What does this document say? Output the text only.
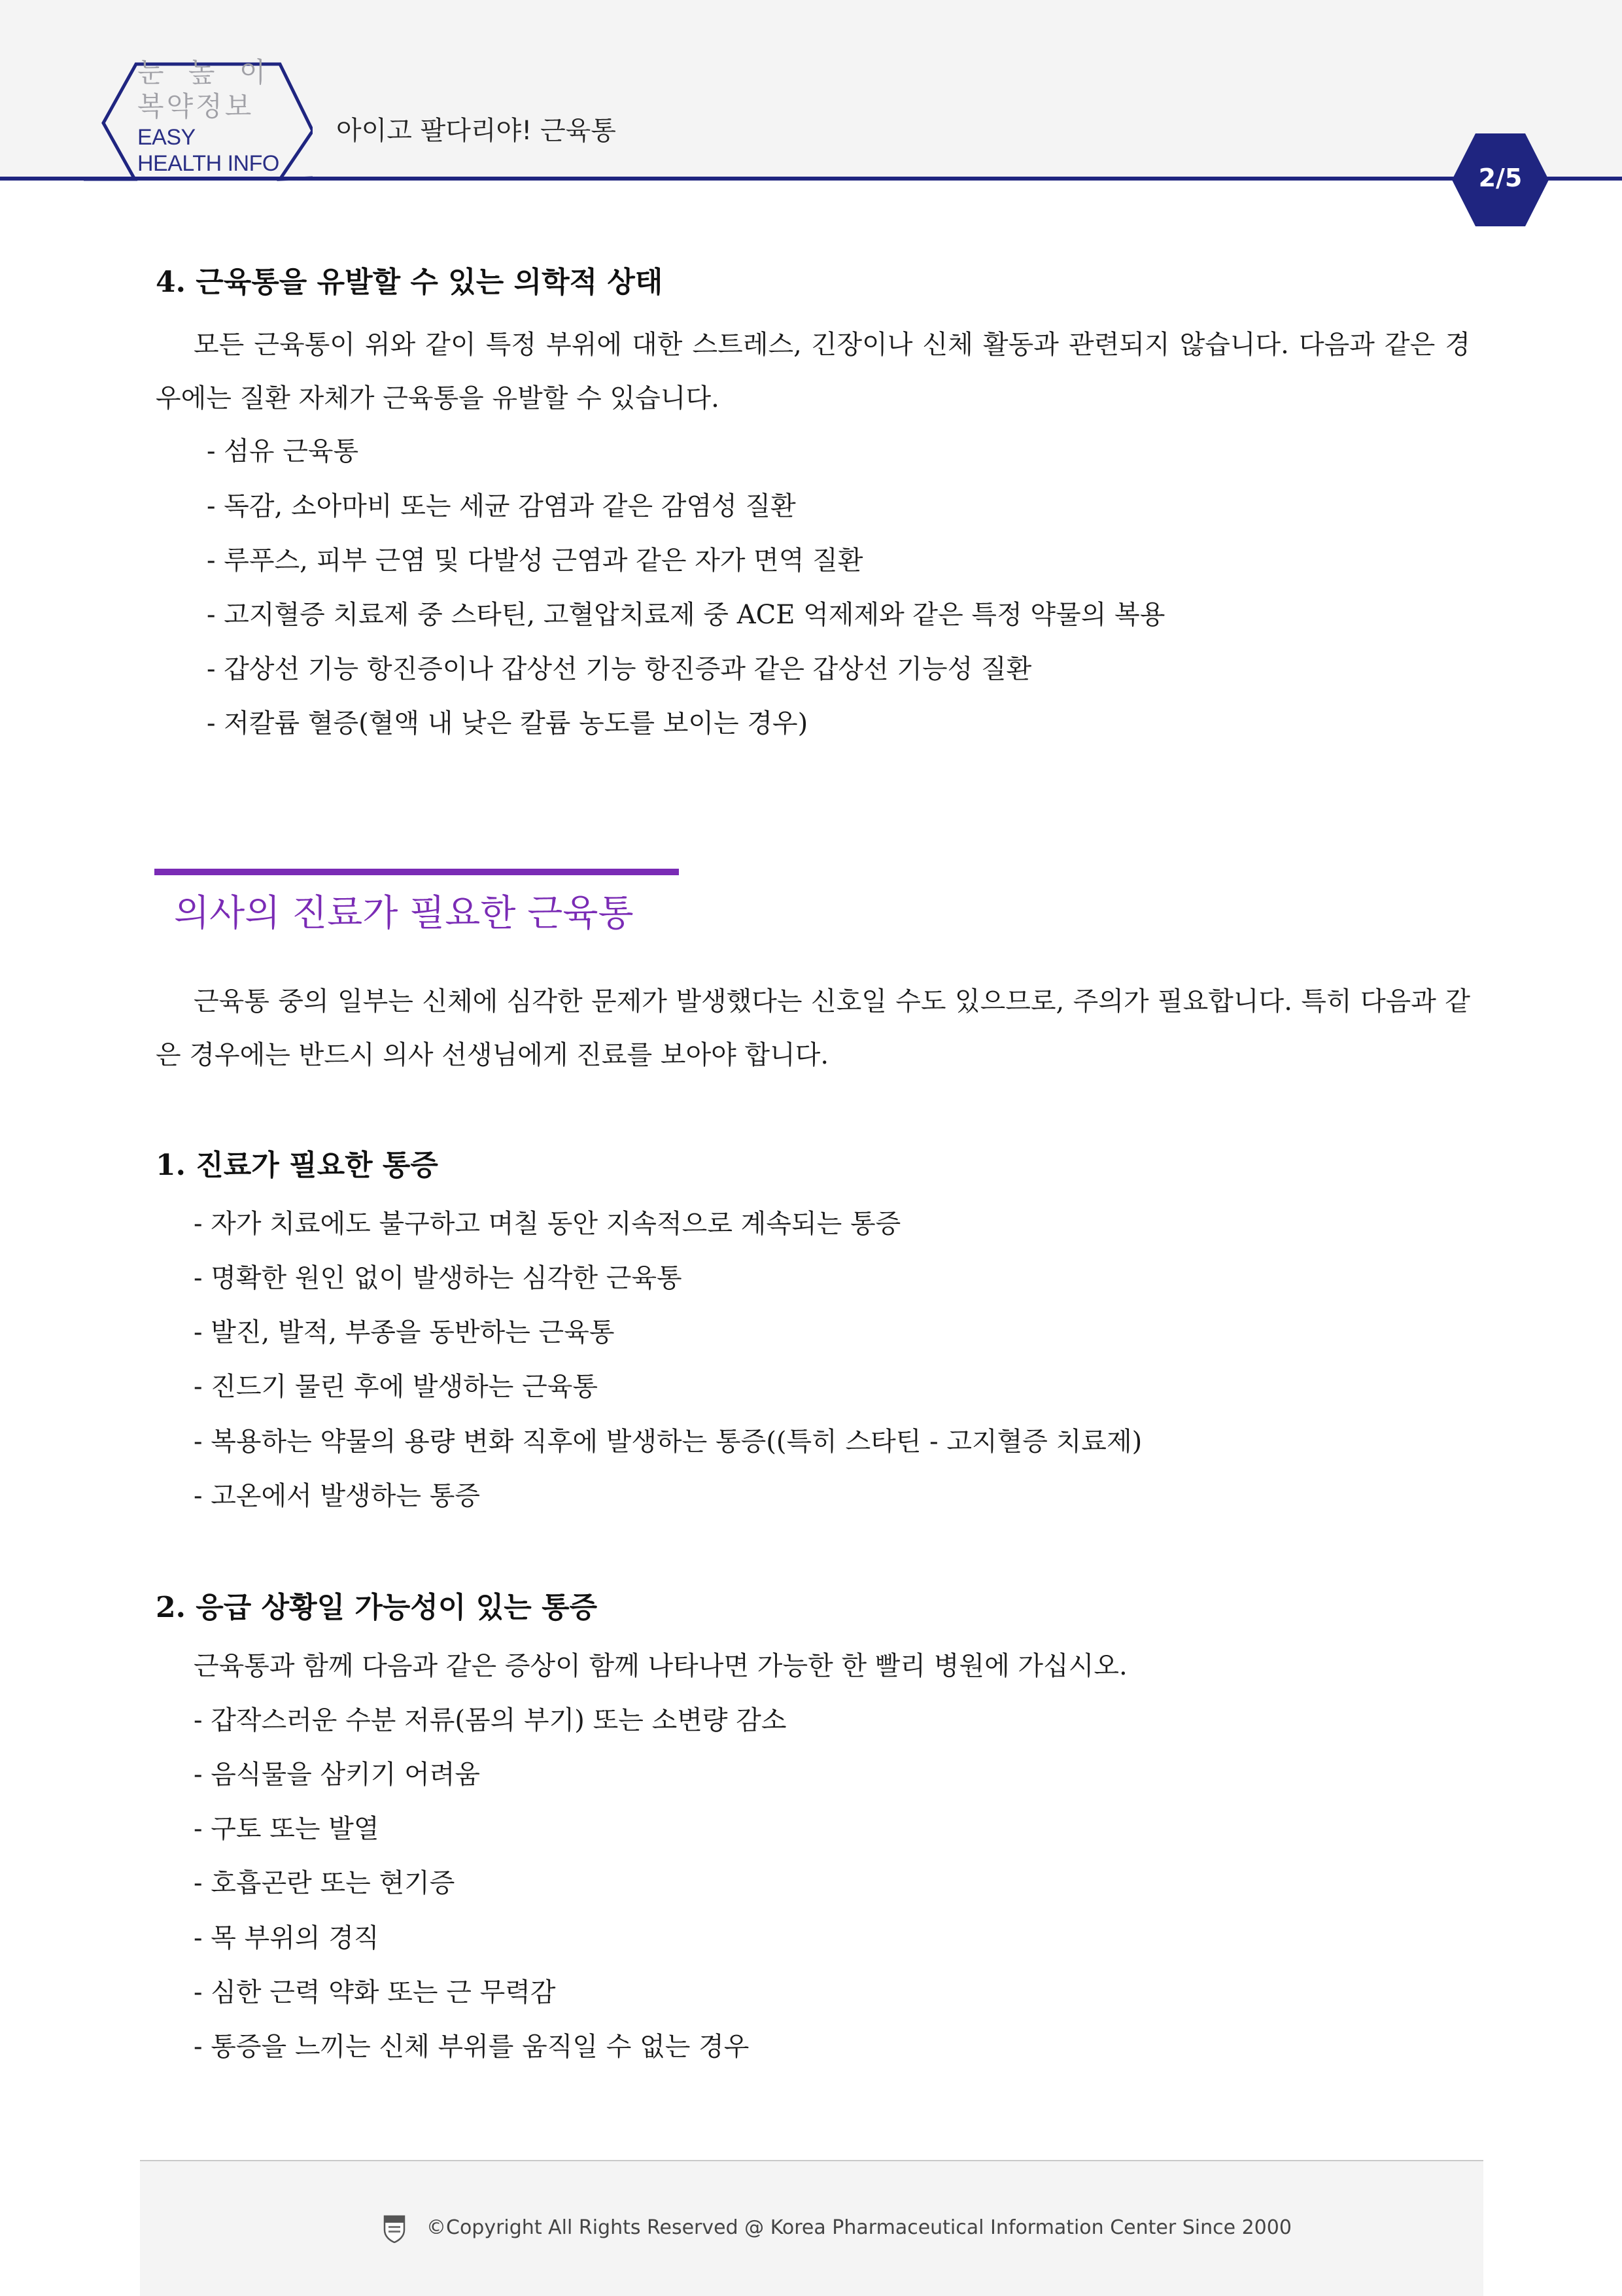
눈 높 이
복약정보
EASY
HEALTH INFO
아이고 팔다리야! 근육통
2/5
4. 근육통을 유발할 수 있는 의학적 상태

모든 근육통이 위와 같이 특정 부위에 대한 스트레스, 긴장이나 신체 활동과 관련되지 않습니다. 다음과 같은 경우에는 질환 자체가 근육통을 유발할 수 있습니다.

- 섬유 근육통
- 독감, 소아마비 또는 세균 감염과 같은 감염성 질환
- 루푸스, 피부 근염 및 다발성 근염과 같은 자가 면역 질환
- 고지혈증 치료제 중 스타틴, 고혈압치료제 중 ACE 억제제와 같은 특정 약물의 복용
- 갑상선 기능 항진증이나 갑상선 기능 항진증과 같은 갑상선 기능성 질환
- 저칼륨 혈증(혈액 내 낮은 칼륨 농도를 보이는 경우)
의사의 진료가 필요한 근육통

근육통 중의 일부는 신체에 심각한 문제가 발생했다는 신호일 수도 있으므로, 주의가 필요합니다. 특히 다음과 같은 경우에는 반드시 의사 선생님에게 진료를 보아야 합니다.

1. 진료가 필요한 통증
- 자가 치료에도 불구하고 며칠 동안 지속적으로 계속되는 통증
- 명확한 원인 없이 발생하는 심각한 근육통
- 발진, 발적, 부종을 동반하는 근육통
- 진드기 물린 후에 발생하는 근육통
- 복용하는 약물의 용량 변화 직후에 발생하는 통증((특히 스타틴 - 고지혈증 치료제)
- 고온에서 발생하는 통증
2. 응급 상황일 가능성이 있는 통증
근육통과 함께 다음과 같은 증상이 함께 나타나면 가능한 한 빨리 병원에 가십시오.
- 갑작스러운 수분 저류(몸의 부기) 또는 소변량 감소
- 음식물을 삼키기 어려움
- 구토 또는 발열
- 호흡곤란 또는 현기증
- 목 부위의 경직
- 심한 근력 약화 또는 근 무력감
- 통증을 느끼는 신체 부위를 움직일 수 없는 경우
©Copyright All Rights Reserved @ Korea Pharmaceutical Information Center Since 2000
